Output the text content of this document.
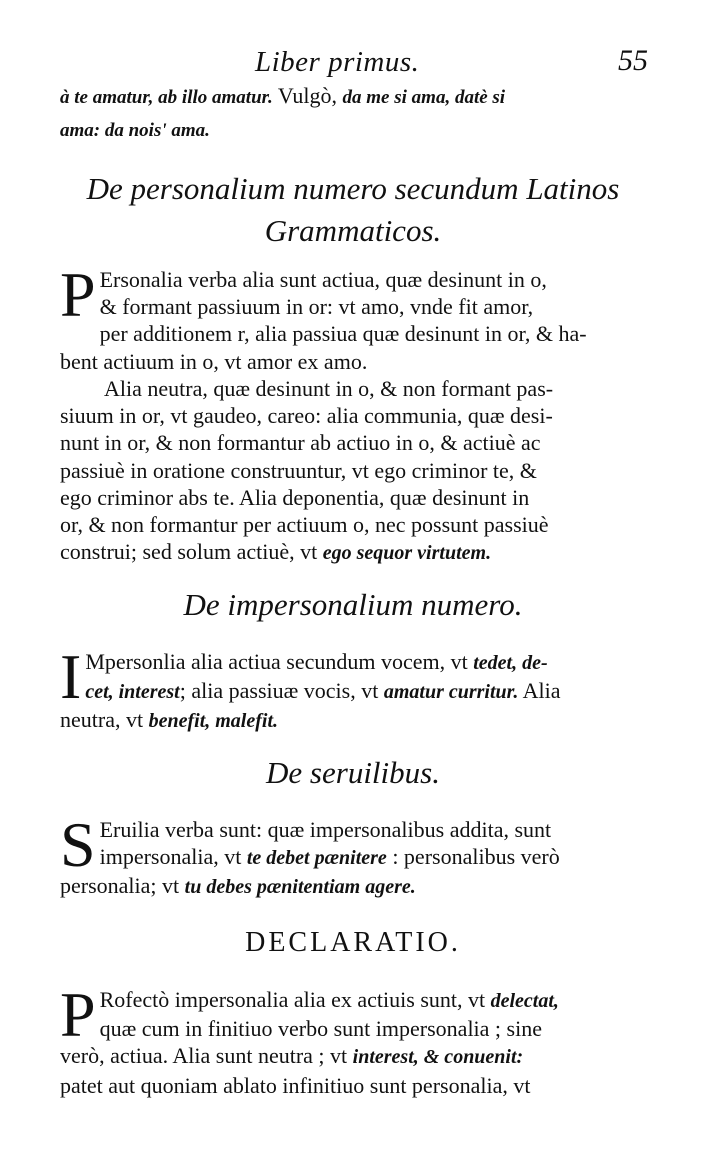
Liber primus.	55
à te amatur, ab illo amatur. Vulgò, da me si ama, datè si
ama: da nois' ama.
De personalium numero secundum Latinos
Grammaticos.
P Ersonalia verba alia sunt actiua, quæ desinunt in o,
& formant passiuum in or: vt amo, vnde fit amor,
per additionem r, alia passiua quæ desinunt in or, & ha-
bent actiuum in o, vt amor ex amo.
Alia neutra, quæ desinunt in o, & non formant pas-
siuum in or, vt gaudeo, careo: alia communia, quæ desi-
nunt in or, & non formantur ab actiuo in o, & actiuè ac
passiuè in oratione construuntur, vt ego criminor te, &
ego criminor abs te. Alia deponentia, quæ desinunt in
or, & non formantur per actiuum o, nec possunt passiuè
construi; sed solum actiuè, vt ego sequor virtutem.
De impersonalium numero.
I Mpersonlia alia actiua secundum vocem, vt tedet, de-
cet, interest; alia passiuæ vocis, vt amatur curritur. Alia
neutra, vt benefit, malefit.
De seruilibus.
S Eruilia verba sunt: quæ impersonalibus addita, sunt
impersonalia, vt te debet pænitere : personalibus verò
personalia; vt tu debes pænitentiam agere.
DECLARATIO.
P Rofectò impersonalia alia ex actiuis sunt, vt delectat,
quæ cum in finitiuo verbo sunt impersonalia ; sine
verò, actiua. Alia sunt neutra ; vt interest, & conuenit:
patet aut quoniam ablato infinitiuo sunt personalia, vt
